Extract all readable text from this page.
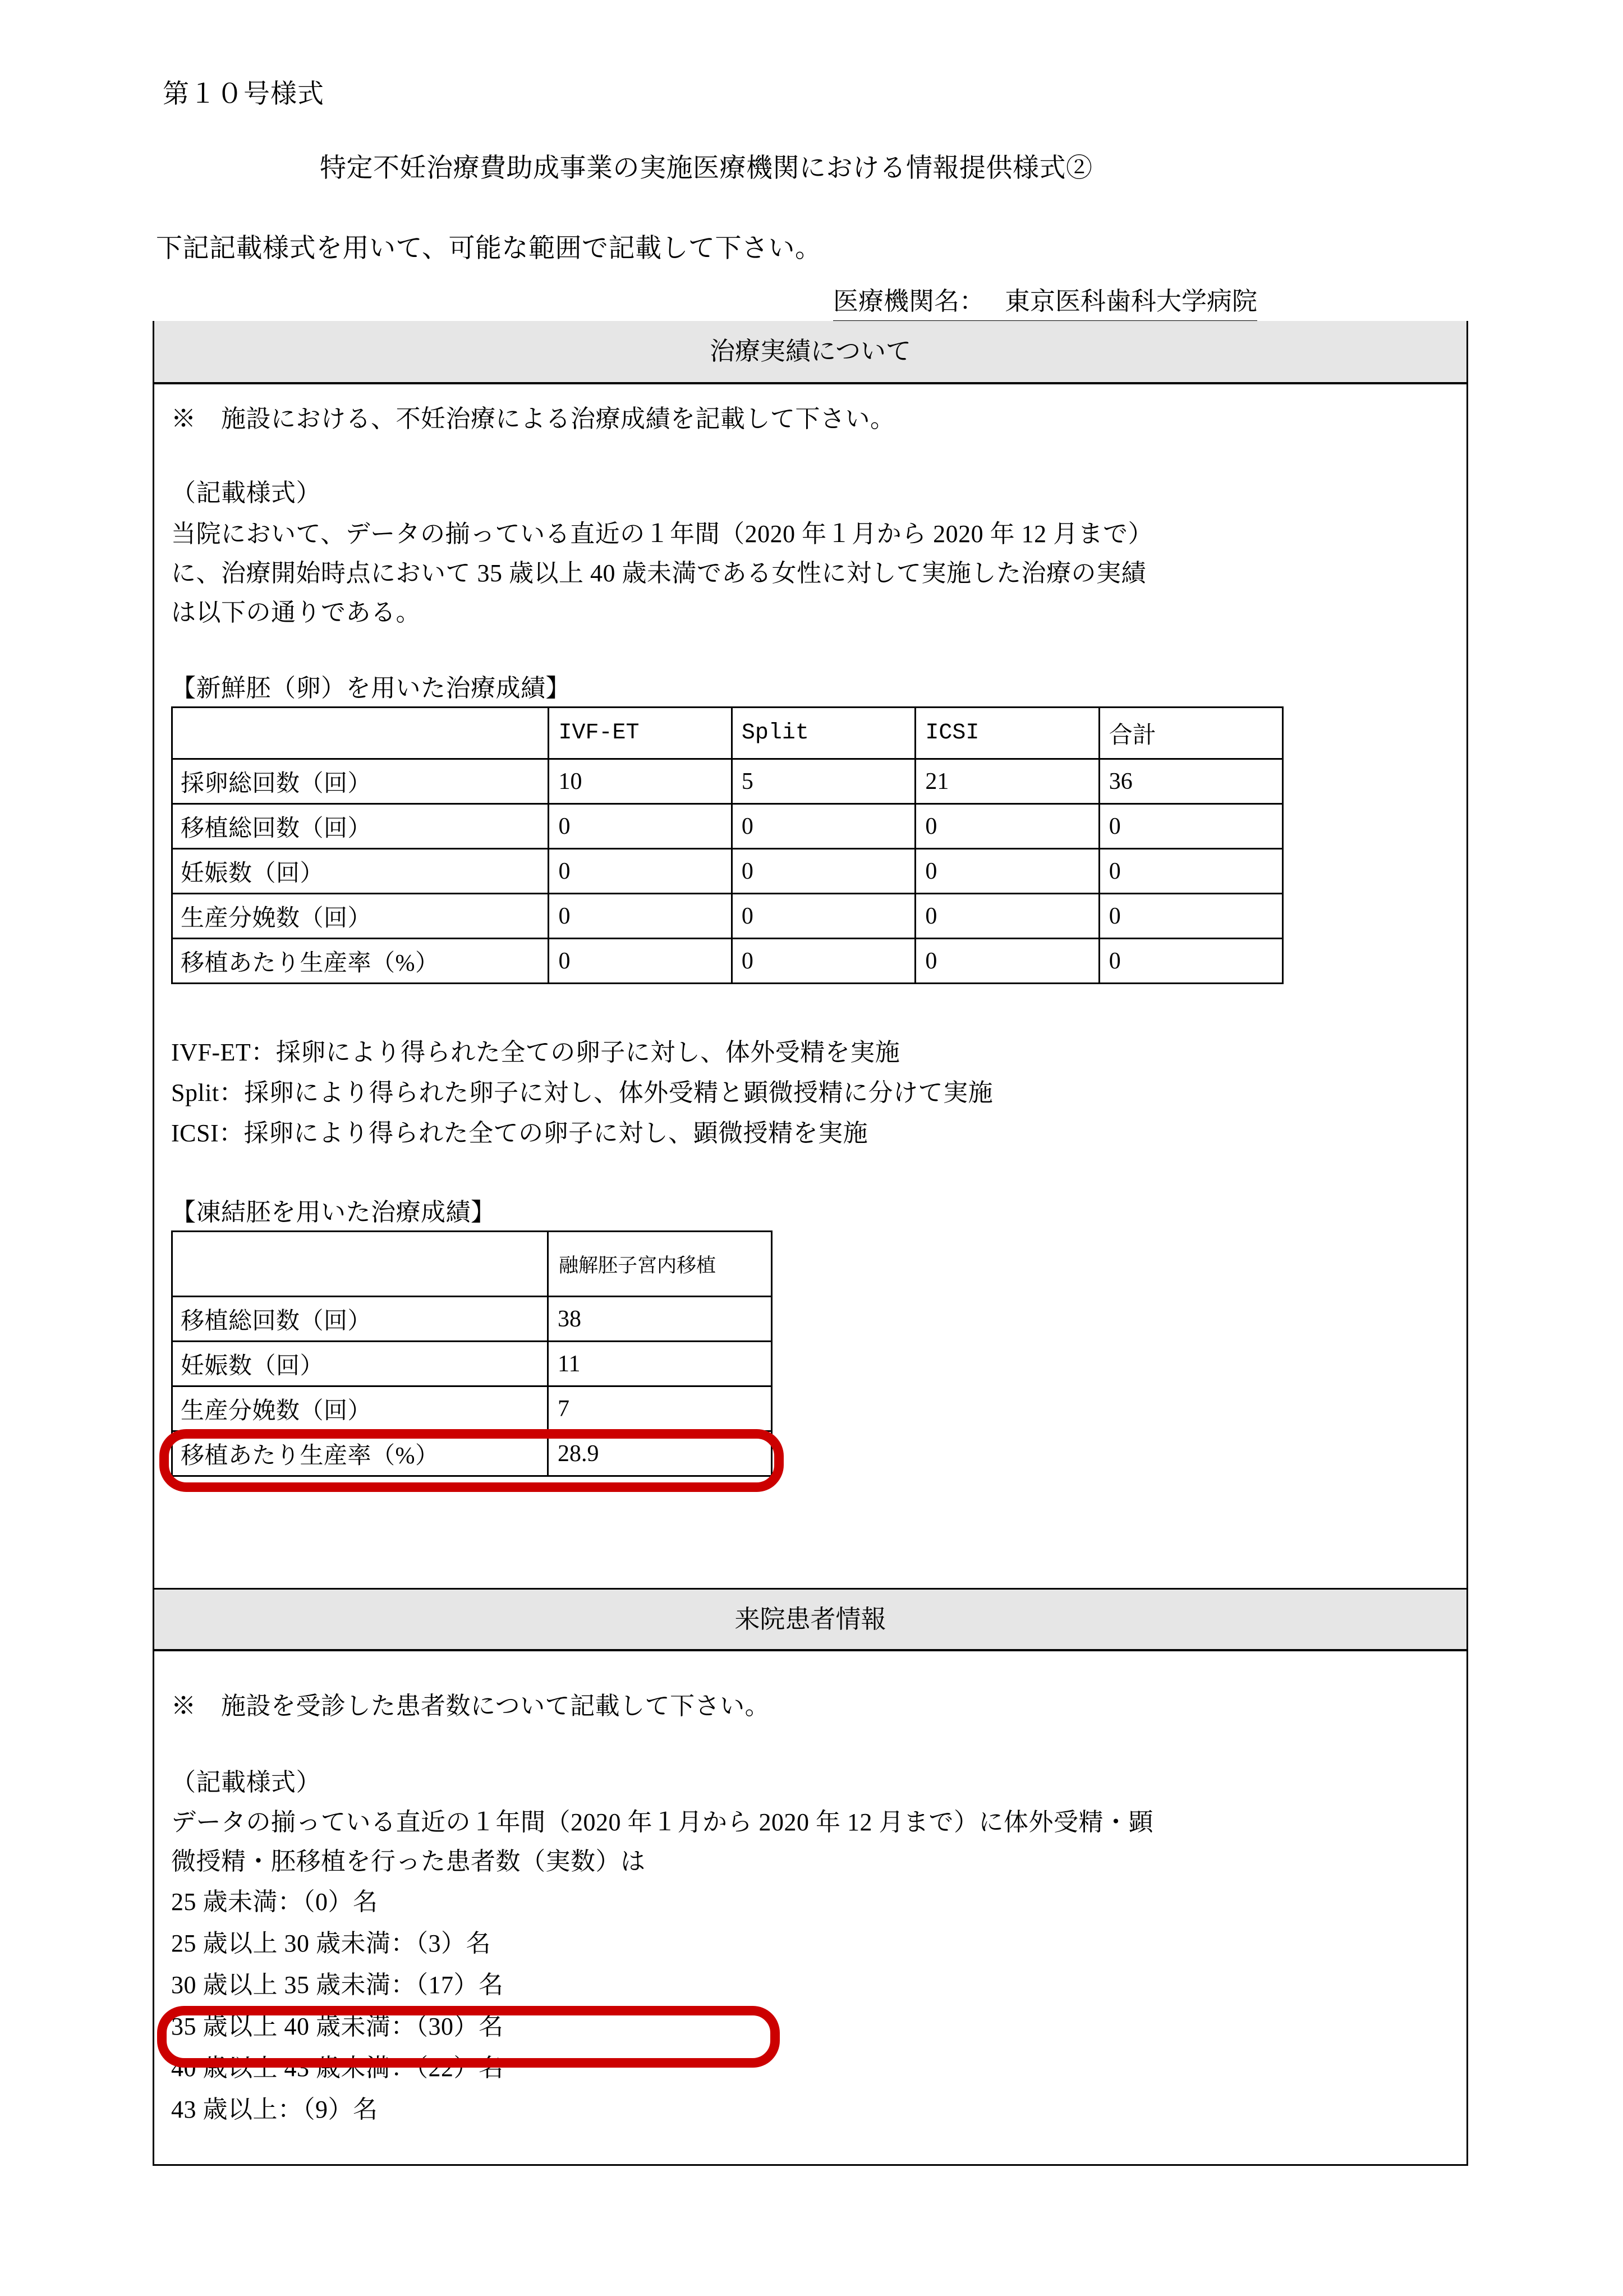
第１０号様式
特定不妊治療費助成事業の実施医療機関における情報提供様式②
下記記載様式を用いて、可能な範囲で記載して下さい。
医療機関名： 東京医科歯科大学病院
治療実績について
※　施設における、不妊治療による治療成績を記載して下さい。
（記載様式）
当院において、データの揃っている直近の１年間（2020 年１月から 2020 年 12 月まで）
に、治療開始時点において 35 歳以上 40 歳未満である女性に対して実施した治療の実績
は以下の通りである。
【新鮮胚（卵）を用いた治療成績】
	IVF-ET	Split	ICSI	合計
採卵総回数（回）	10	5	21	36
移植総回数（回）	0	0	0	0
妊娠数（回）	0	0	0	0
生産分娩数（回）	0	0	0	0
移植あたり生産率（%）	0	0	0	0
IVF-ET：採卵により得られた全ての卵子に対し、体外受精を実施
Split：採卵により得られた卵子に対し、体外受精と顕微授精に分けて実施
ICSI：採卵により得られた全ての卵子に対し、顕微授精を実施
【凍結胚を用いた治療成績】
	融解胚子宮内移植
移植総回数（回）	38
妊娠数（回）	11
生産分娩数（回）	7
移植あたり生産率（%）	28.9
来院患者情報
※　施設を受診した患者数について記載して下さい。
（記載様式）
データの揃っている直近の１年間（2020 年１月から 2020 年 12 月まで）に体外受精・顕
微授精・胚移植を行った患者数（実数）は
25 歳未満：（0）名
25 歳以上 30 歳未満：（3）名
30 歳以上 35 歳未満：（17）名
35 歳以上 40 歳未満：（30）名
40 歳以上 43 歳未満：（22）名
43 歳以上：（9）名
